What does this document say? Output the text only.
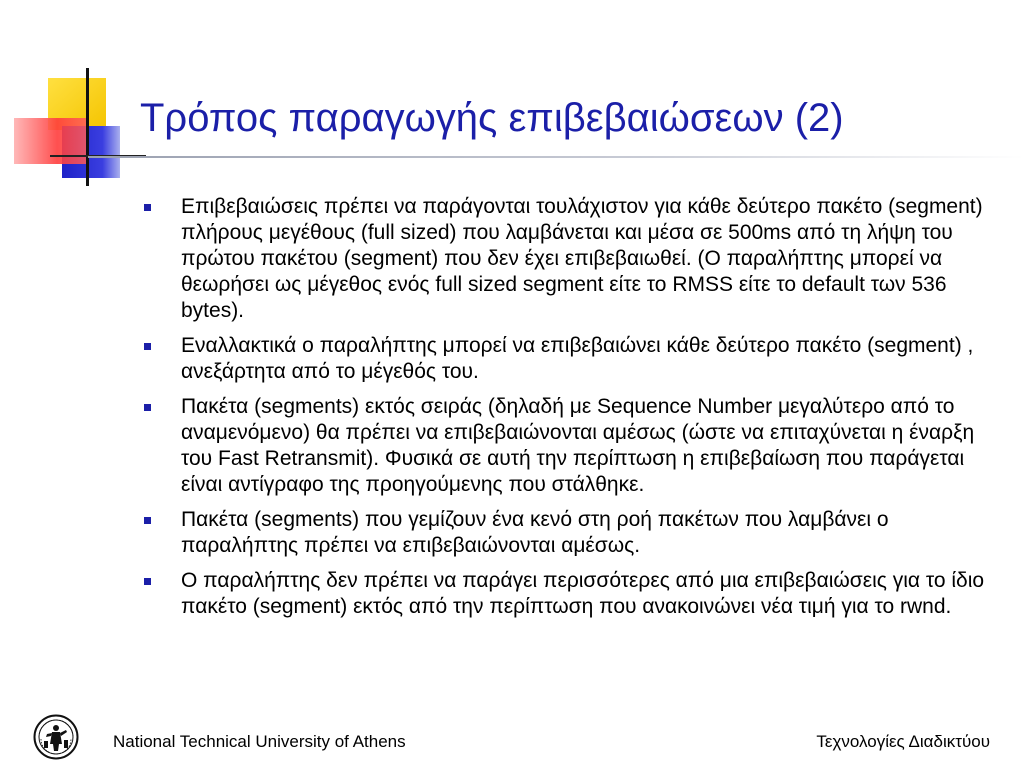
Τρόπος παραγωγής επιβεβαιώσεων (2)
Επιβεβαιώσεις πρέπει να παράγονται τουλάχιστον για κάθε δεύτερο πακέτο (segment) πλήρους μεγέθους (full sized) που λαμβάνεται και μέσα σε 500ms από τη λήψη του πρώτου πακέτου (segment) που δεν έχει επιβεβαιωθεί. (Ο παραλήπτης μπορεί να θεωρήσει ως μέγεθος ενός full sized segment είτε το RMSS είτε το default των 536 bytes).
Εναλλακτικά ο παραλήπτης μπορεί να επιβεβαιώνει κάθε δεύτερο πακέτο (segment) , ανεξάρτητα από το μέγεθός του.
Πακέτα (segments) εκτός σειράς (δηλαδή με Sequence Number μεγαλύτερο από το αναμενόμενο) θα πρέπει να επιβεβαιώνονται αμέσως (ώστε να επιταχύνεται η έναρξη του Fast Retransmit). Φυσικά σε αυτή την περίπτωση η επιβεβαίωση που παράγεται είναι αντίγραφο της προηγούμενης που στάλθηκε.
Πακέτα (segments) που γεμίζουν ένα κενό στη ροή πακέτων που λαμβάνει ο παραλήπτης πρέπει να επιβεβαιώνονται αμέσως.
Ο παραλήπτης δεν πρέπει να παράγει περισσότερες από μια επιβεβαιώσεις για το ίδιο πακέτο (segment) εκτός από την περίπτωση που ανακοινώνει νέα τιμή για το rwnd.
National Technical University of Athens	Τεχνολογίες Διαδικτύου
